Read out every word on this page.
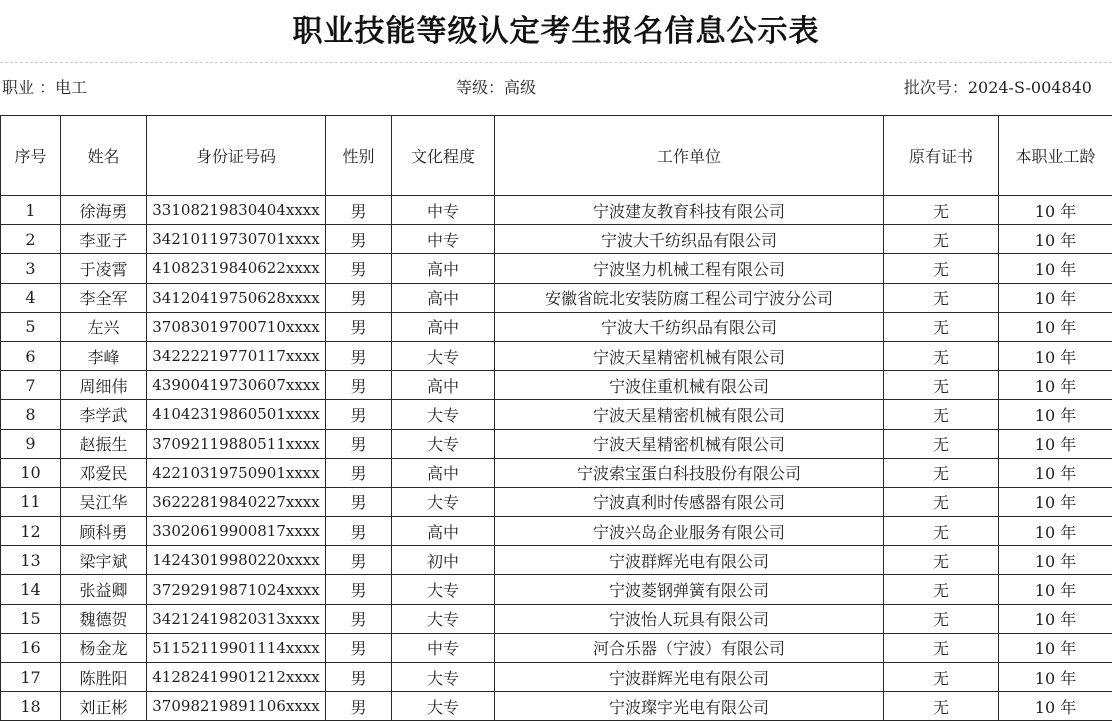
职业技能等级认定考生报名信息公示表
职业 ：电工	等级：高级	批次号：2024-S-004840
序号	姓名	身份证号码	性别	文化程度	工作单位	原有证书	本职业工龄
1	徐海勇	33108219830404xxxx	男	中专	宁波建友教育科技有限公司	无	10 年
2	李亚子	34210119730701xxxx	男	中专	宁波大千纺织品有限公司	无	10 年
3	于凌霄	41082319840622xxxx	男	高中	宁波坚力机械工程有限公司	无	10 年
4	李全军	34120419750628xxxx	男	高中	安徽省皖北安装防腐工程公司宁波分公司	无	10 年
5	左兴	37083019700710xxxx	男	高中	宁波大千纺织品有限公司	无	10 年
6	李峰	34222219770117xxxx	男	大专	宁波天星精密机械有限公司	无	10 年
7	周细伟	43900419730607xxxx	男	高中	宁波住重机械有限公司	无	10 年
8	李学武	41042319860501xxxx	男	大专	宁波天星精密机械有限公司	无	10 年
9	赵振生	37092119880511xxxx	男	大专	宁波天星精密机械有限公司	无	10 年
10	邓爱民	42210319750901xxxx	男	高中	宁波索宝蛋白科技股份有限公司	无	10 年
11	吴江华	36222819840227xxxx	男	大专	宁波真利时传感器有限公司	无	10 年
12	顾科勇	33020619900817xxxx	男	高中	宁波兴岛企业服务有限公司	无	10 年
13	梁宇斌	14243019980220xxxx	男	初中	宁波群辉光电有限公司	无	10 年
14	张益卿	37292919871024xxxx	男	大专	宁波菱钢弹簧有限公司	无	10 年
15	魏德贺	34212419820313xxxx	男	大专	宁波怡人玩具有限公司	无	10 年
16	杨金龙	51152119901114xxxx	男	中专	河合乐器（宁波）有限公司	无	10 年
17	陈胜阳	41282419901212xxxx	男	大专	宁波群辉光电有限公司	无	10 年
18	刘正彬	37098219891106xxxx	男	大专	宁波璨宇光电有限公司	无	10 年
